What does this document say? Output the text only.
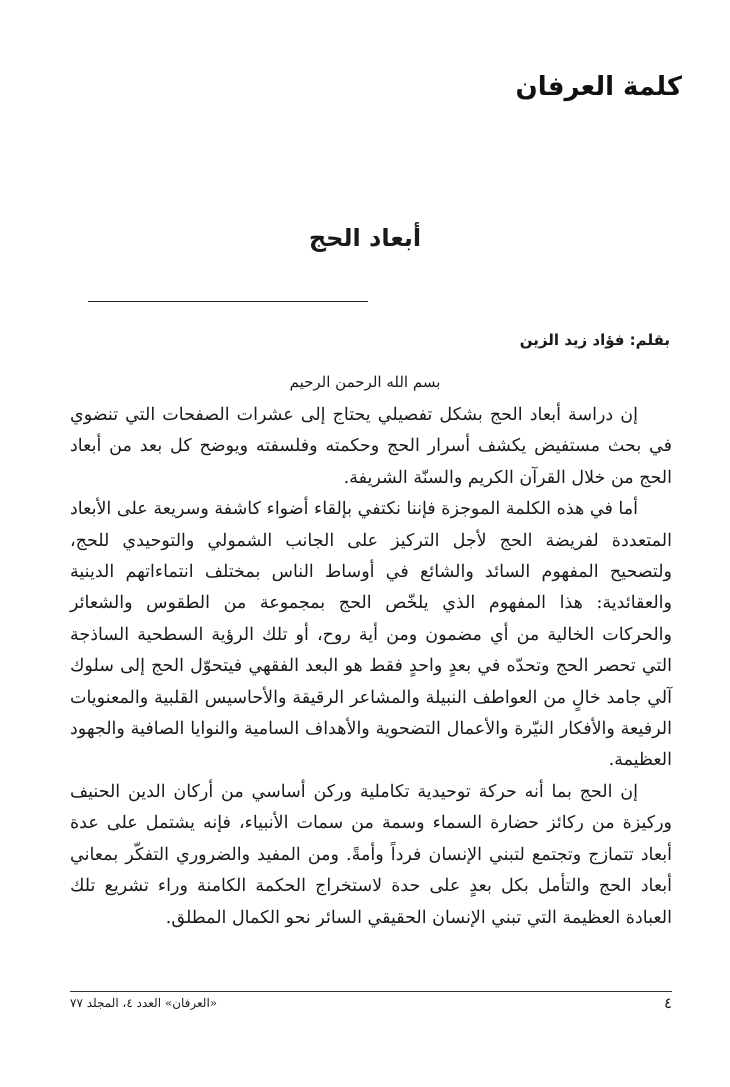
كلمة العرفان
أبعاد الحج
بقلم: فؤاد زيد الزين
بسم الله الرحمن الرحيم

إن دراسة أبعاد الحج بشكل تفصيلي يحتاج إلى عشرات الصفحات التي تنضوي في بحث مستفيض يكشف أسرار الحج وحكمته وفلسفته ويوضح كل بعد من أبعاد الحج من خلال القرآن الكريم والسنّة الشريفة.

أما في هذه الكلمة الموجزة فإننا نكتفي بإلقاء أضواء كاشفة وسريعة على الأبعاد المتعددة لفريضة الحج لأجل التركيز على الجانب الشمولي والتوحيدي للحج، ولتصحيح المفهوم السائد والشائع في أوساط الناس بمختلف انتماءاتهم الدينية والعقائدية: هذا المفهوم الذي يلخّص الحج بمجموعة من الطقوس والشعائر والحركات الخالية من أي مضمون ومن أية روح، أو تلك الرؤية السطحية الساذجة التي تحصر الحج وتحدّه في بعدٍ واحدٍ فقط هو البعد الفقهي فيتحوّل الحج إلى سلوك آلي جامد خالٍ من العواطف النبيلة والمشاعر الرقيقة والأحاسيس القلبية والمعنويات الرفيعة والأفكار النيّرة والأعمال التضحوية والأهداف السامية والنوايا الصافية والجهود العظيمة.

إن الحج بما أنه حركة توحيدية تكاملية وركن أساسي من أركان الدين الحنيف وركيزة من ركائز حضارة السماء وسمة من سمات الأنبياء، فإنه يشتمل على عدة أبعاد تتمازج وتجتمع لتبني الإنسان فرداً وأمةً. ومن المفيد والضروري التفكّر بمعاني أبعاد الحج والتأمل بكل بعدٍ على حدة لاستخراج الحكمة الكامنة وراء تشريع تلك العبادة العظيمة التي تبني الإنسان الحقيقي السائر نحو الكمال المطلق.

٤
«العرفان» العدد ٤، المجلد ٧٧
